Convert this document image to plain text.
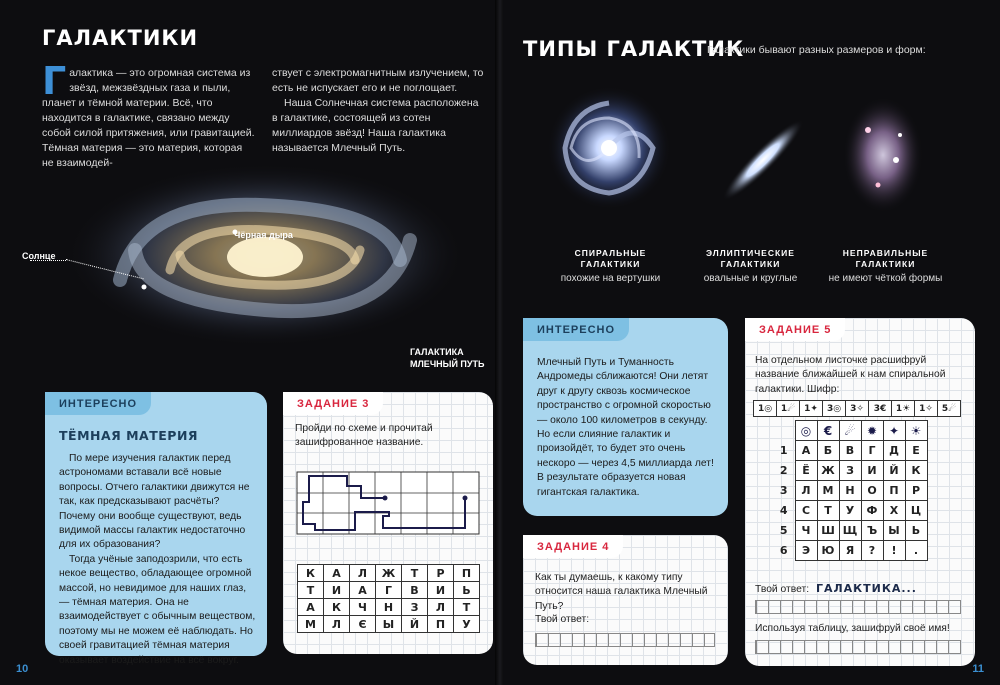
ГАЛАКТИКИ
Галактика — это огромная система из звёзд, межзвёздных газа и пыли, планет и тёмной материи. Всё, что находится в галактике, связано между собой силой притяжения, или гравитацией. Тёмная материя — это материя, которая не взаимодей-
ствует с электромагнитным излучением, то есть не испускает его и не поглощает.
Наша Солнечная система расположена в галактике, состоящей из сотен миллиардов звёзд! Наша галактика называется Млечный Путь.
Солнце
Чёрная дыра
ГАЛАКТИКА
МЛЕЧНЫЙ ПУТЬ
ИНТЕРЕСНО
ТЁМНАЯ МАТЕРИЯ

По мере изучения галактик перед астрономами вставали всё новые вопросы. Отчего галактики движутся не так, как предсказывают расчёты? Почему они вообще существуют, ведь видимой массы галактик недостаточно для их образования?

Тогда учёные заподозрили, что есть некое вещество, обладающее огромной массой, но невидимое для наших глаз, — тёмная материя. Она не взаимодействует с обычным веществом, поэтому мы не можем её наблюдать. Но своей гравитацией тёмная материя оказывает воздействие на всё вокруг.

ЗАДАНИЕ 3

Пройди по схеме и прочитай зашифрованное название.

К	А	Л	Ж	Т	Р	П
Т	И	А	Г	В	И	Ь
А	К	Ч	Н	З	Л	Т
М	Л	Є	Ы	Й	П	У
10
ТИПЫ ГАЛАКТИК
Галактики бывают разных размеров и форм:
СПИРАЛЬНЫЕ
ГАЛАКТИКИ
похожие на вертушки
ЭЛЛИПТИЧЕСКИЕ
ГАЛАКТИКИ
овальные и круглые
НЕПРАВИЛЬНЫЕ
ГАЛАКТИКИ
не имеют чёткой формы
ИНТЕРЕСНО

Млечный Путь и Туманность Андромеды сближаются! Они летят друг к другу сквозь космическое пространство с огромной скоростью — около 100 километров в секунду. Но если слияние галактик и произойдёт, то будет это очень нескоро — через 4,5 миллиарда лет! В результате образуется новая гигантская галактика.

ЗАДАНИЕ 4

Как ты думаешь, к какому типу относится наша галактика Млечный Путь?

Твой ответ:

ЗАДАНИЕ 5

На отдельном листочке расшифруй название ближайшей к нам спиральной галактики. Шифр:

1◎	1☄	1✦	3◎	3✧	3€	1☀	1✧	5☄
	◎	€	☄	✹	✦	☀
1	А	Б	В	Г	Д	Е
2	Ё	Ж	З	И	Й	К
3	Л	М	Н	О	П	Р
4	С	Т	У	Ф	Х	Ц
5	Ч	Ш	Щ	Ъ	Ы	Ь
6	Э	Ю	Я	?	!	.
Твой ответ: ГАЛАКТИКА...

Используя таблицу, зашифруй своё имя!

11
